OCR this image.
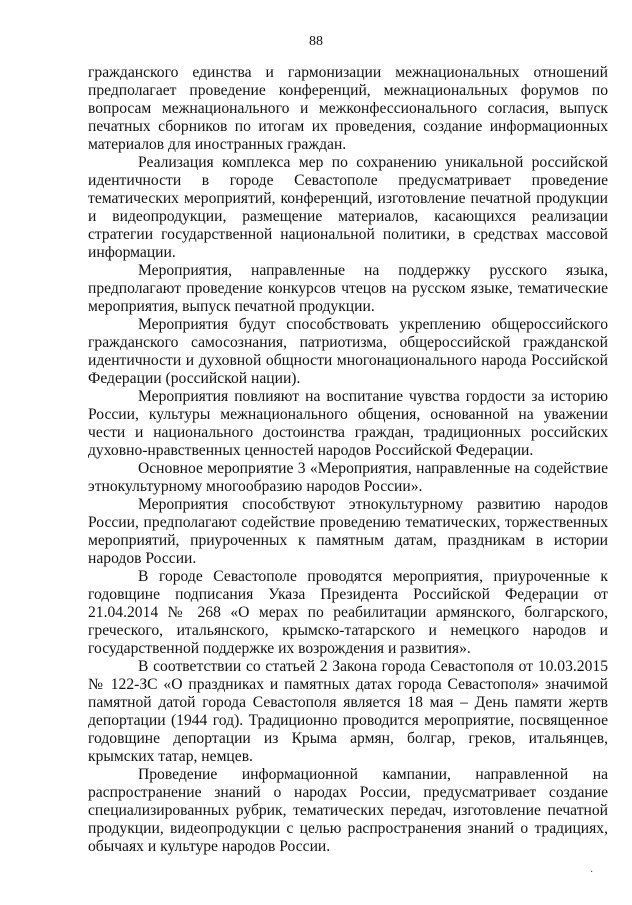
88

гражданского единства и гармонизации межнациональных отношений предполагает проведение конференций, межнациональных форумов по вопросам межнационального и межконфессионального согласия, выпуск печатных сборников по итогам их проведения, создание информационных материалов для иностранных граждан.

Реализация комплекса мер по сохранению уникальной российской идентичности в городе Севастополе предусматривает проведение тематических мероприятий, конференций, изготовление печатной продукции и видеопродукции, размещение материалов, касающихся реализации стратегии государственной национальной политики, в средствах массовой информации.

Мероприятия, направленные на поддержку русского языка, предполагают проведение конкурсов чтецов на русском языке, тематические мероприятия, выпуск печатной продукции.

Мероприятия будут способствовать укреплению общероссийского гражданского самосознания, патриотизма, общероссийской гражданской идентичности и духовной общности многонационального народа Российской Федерации (российской нации).

Мероприятия повлияют на воспитание чувства гордости за историю России, культуры межнационального общения, основанной на уважении чести и национального достоинства граждан, традиционных российских духовно-нравственных ценностей народов Российской Федерации.

Основное мероприятие 3 «Мероприятия, направленные на содействие этнокультурному многообразию народов России».

Мероприятия способствуют этнокультурному развитию народов России, предполагают содействие проведению тематических, торжественных мероприятий, приуроченных к памятным датам, праздникам в истории народов России.

В городе Севастополе проводятся мероприятия, приуроченные к годовщине подписания Указа Президента Российской Федерации от 21.04.2014 № 268 «О мерах по реабилитации армянского, болгарского, греческого, итальянского, крымско-татарского и немецкого народов и государственной поддержке их возрождения и развития».

В соответствии со статьей 2 Закона города Севастополя от 10.03.2015 № 122-ЗС «О праздниках и памятных датах города Севастополя» значимой памятной датой города Севастополя является 18 мая – День памяти жертв депортации (1944 год). Традиционно проводится мероприятие, посвященное годовщине депортации из Крыма армян, болгар, греков, итальянцев, крымских татар, немцев.

Проведение информационной кампании, направленной на распространение знаний о народах России, предусматривает создание специализированных рубрик, тематических передач, изготовление печатной продукции, видеопродукции с целью распространения знаний о традициях, обычаях и культуре народов России.

·
